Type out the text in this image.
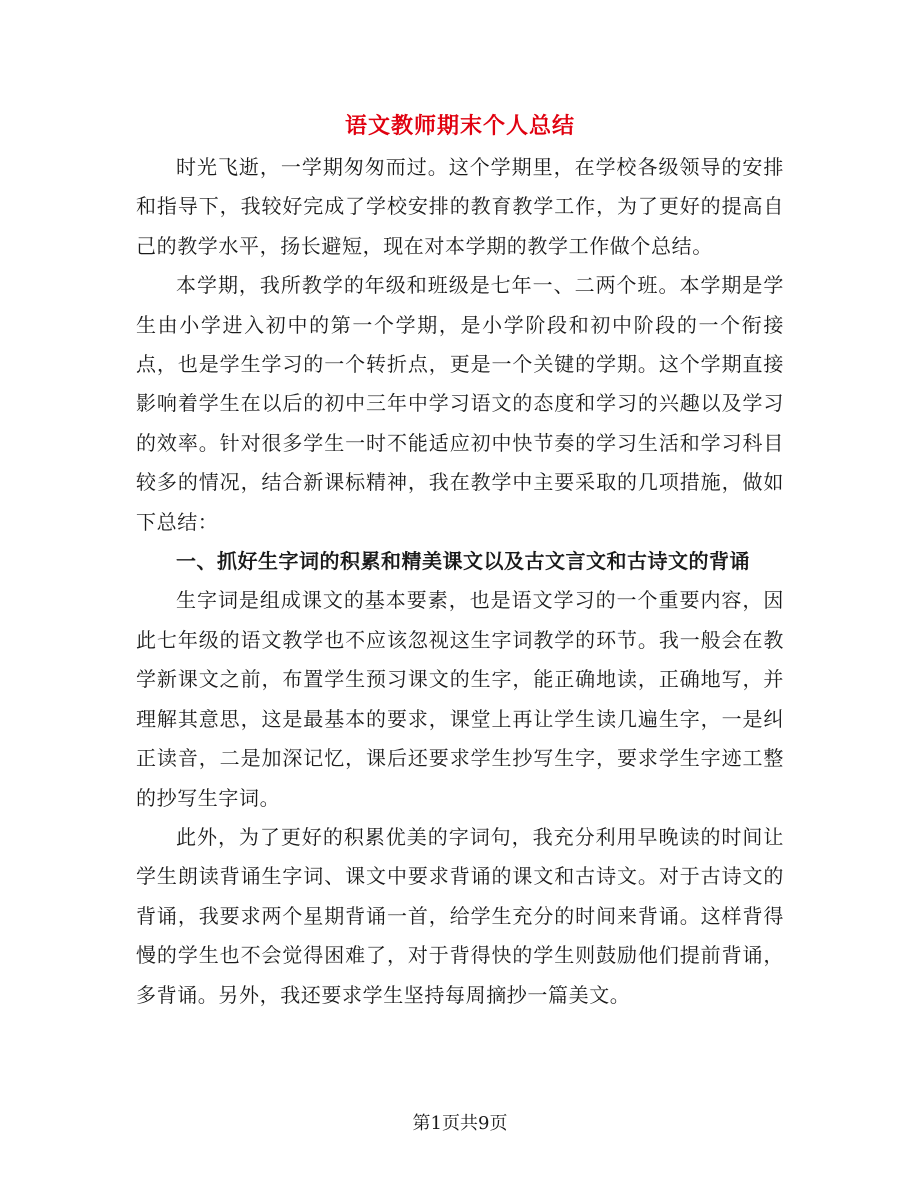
语文教师期末个人总结

时光飞逝，一学期匆匆而过。这个学期里，在学校各级领导的安排和指导下，我较好完成了学校安排的教育教学工作，为了更好的提高自己的教学水平，扬长避短，现在对本学期的教学工作做个总结。

本学期，我所教学的年级和班级是七年一、二两个班。本学期是学生由小学进入初中的第一个学期，是小学阶段和初中阶段的一个衔接点，也是学生学习的一个转折点，更是一个关键的学期。这个学期直接影响着学生在以后的初中三年中学习语文的态度和学习的兴趣以及学习的效率。针对很多学生一时不能适应初中快节奏的学习生活和学习科目较多的情况，结合新课标精神，我在教学中主要采取的几项措施，做如下总结：

一、抓好生字词的积累和精美课文以及古文言文和古诗文的背诵

生字词是组成课文的基本要素，也是语文学习的一个重要内容，因此七年级的语文教学也不应该忽视这生字词教学的环节。我一般会在教学新课文之前，布置学生预习课文的生字，能正确地读，正确地写，并理解其意思，这是最基本的要求，课堂上再让学生读几遍生字，一是纠正读音，二是加深记忆，课后还要求学生抄写生字，要求学生字迹工整的抄写生字词。

此外，为了更好的积累优美的字词句，我充分利用早晚读的时间让学生朗读背诵生字词、课文中要求背诵的课文和古诗文。对于古诗文的背诵，我要求两个星期背诵一首，给学生充分的时间来背诵。这样背得慢的学生也不会觉得困难了，对于背得快的学生则鼓励他们提前背诵，多背诵。另外，我还要求学生坚持每周摘抄一篇美文。

第1页共9页
